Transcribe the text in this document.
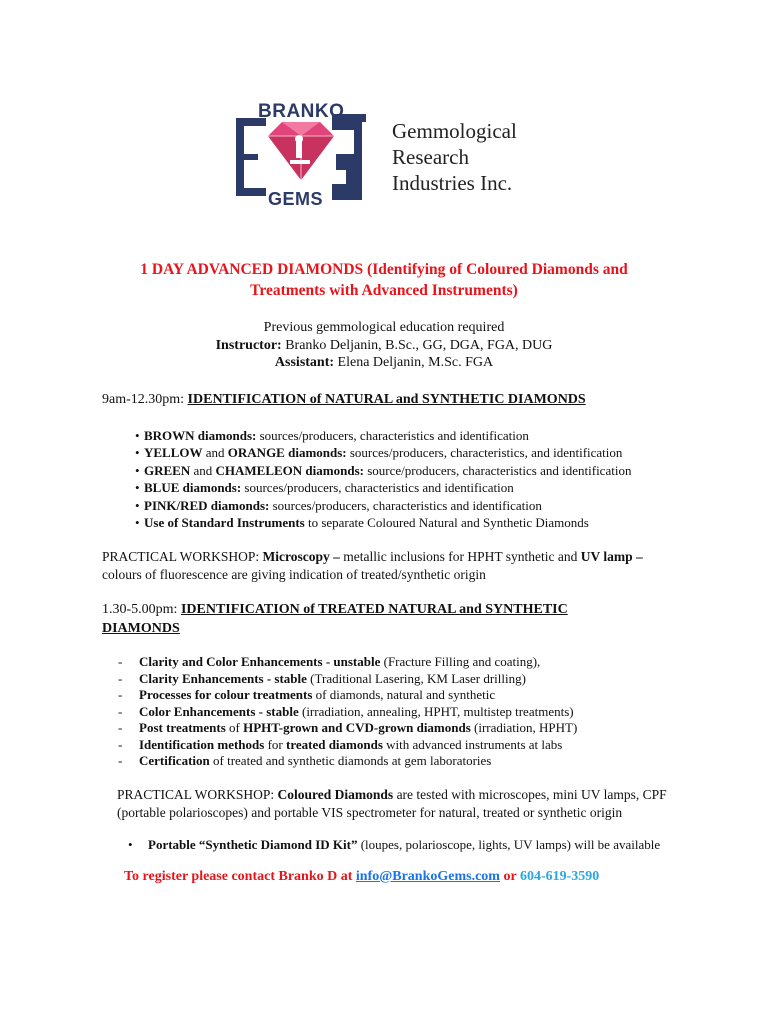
BRANKO
GEMS
Gemmological
Research
Industries Inc.
1 DAY ADVANCED DIAMONDS (Identifying of Coloured Diamonds and
Treatments with Advanced Instruments)
Previous gemmological education required
Instructor: Branko Deljanin, B.Sc., GG, DGA, FGA, DUG
Assistant: Elena Deljanin, M.Sc. FGA
9am-12.30pm: IDENTIFICATION of NATURAL and SYNTHETIC DIAMONDS
• BROWN diamonds: sources/producers, characteristics and identification
• YELLOW and ORANGE diamonds: sources/producers, characteristics, and identification
• GREEN and CHAMELEON diamonds: source/producers, characteristics and identification
• BLUE diamonds: sources/producers, characteristics and identification
• PINK/RED diamonds: sources/producers, characteristics and identification
• Use of Standard Instruments to separate Coloured Natural and Synthetic Diamonds
PRACTICAL WORKSHOP: Microscopy – metallic inclusions for HPHT synthetic and UV lamp –
colours of fluorescence are giving indication of treated/synthetic origin
1.30-5.00pm: IDENTIFICATION of TREATED NATURAL and SYNTHETIC
DIAMONDS
- Clarity and Color Enhancements - unstable (Fracture Filling and coating),
- Clarity Enhancements - stable (Traditional Lasering, KM Laser drilling)
- Processes for colour treatments of diamonds, natural and synthetic
- Color Enhancements - stable (irradiation, annealing, HPHT, multistep treatments)
- Post treatments of HPHT-grown and CVD-grown diamonds (irradiation, HPHT)
- Identification methods for treated diamonds with advanced instruments at labs
- Certification of treated and synthetic diamonds at gem laboratories
PRACTICAL WORKSHOP: Coloured Diamonds are tested with microscopes, mini UV lamps, CPF
(portable polarioscopes) and portable VIS spectrometer for natural, treated or synthetic origin
• Portable “Synthetic Diamond ID Kit” (loupes, polarioscope, lights, UV lamps) will be available
To register please contact Branko D at info@BrankoGems.com or 604-619-3590
